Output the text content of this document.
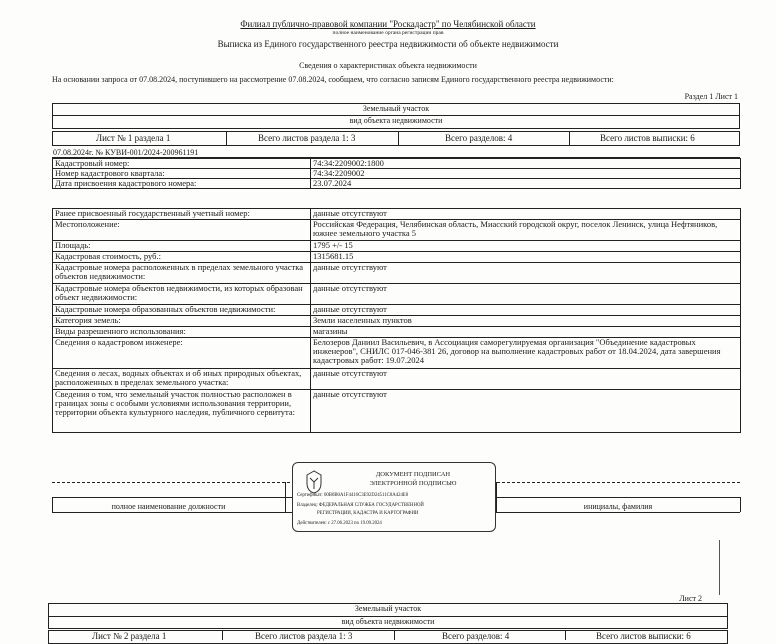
Филиал публично-правовой компании "Роскадастр" по Челябинской области
полное наименование органа регистрации прав
Выписка из Единого государственного реестра недвижимости об объекте недвижимости
Сведения о характеристиках объекта недвижимости
На основании запроса от 07.08.2024, поступившего на рассмотрение 07.08.2024, сообщаем, что согласно записям Единого государственного реестра недвижимости:
Раздел 1 Лист 1
Земельный участок
вид объекта недвижимости
Лист № 1 раздела 1	Всего листов раздела 1: 3	Всего разделов: 4	Всего листов выписки: 6
07.08.2024г. № КУВИ-001/2024-200961191
Кадастровый номер:	74:34:2209002:1800
Номер кадастрового квартала:	74:34:2209002
Дата присвоения кадастрового номера:	23.07.2024
Ранее присвоенный государственный учетный номер:	данные отсутствуют
Местоположение:	Российская Федерация, Челябинская область, Миасский городской округ, поселок Ленинск, улица Нефтяников, южнее земельного участка 5
Площадь:	1795 +/- 15
Кадастровая стоимость, руб.:	1315681.15
Кадастровые номера расположенных в пределах земельного участка объектов недвижимости:	данные отсутствуют
Кадастровые номера объектов недвижимости, из которых образован объект недвижимости:	данные отсутствуют
Кадастровые номера образованных объектов недвижимости:	данные отсутствуют
Категория земель:	Земли населенных пунктов
Виды разрешенного использования:	магазины
Сведения о кадастровом инженере:	Белозеров Даниил Васильевич, в Ассоциация саморегулируемая организация "Объединение кадастровых инженеров", СНИЛС 017-046-381 26, договор на выполнение кадастровых работ от 18.04.2024, дата завершения кадастровых работ: 19.07.2024
Сведения о лесах, водных объектах и об иных природных объектах, расположенных в пределах земельного участка:	данные отсутствуют
Сведения о том, что земельный участок полностью расположен в границах зоны с особыми условиями использования территории, территории объекта культурного наследия, публичного сервитута:	данные отсутствуют
полное наименование должности	инициалы, фамилия
ДОКУМЕНТ ПОДПИСАН
ЭЛЕКТРОННОЙ ПОДПИСЬЮ
Сертификат: 00B0B0A1F4416C3E92D24511C8A424E8
Владелец: ФЕДЕРАЛЬНАЯ СЛУЖБА ГОСУДАРСТВЕННОЙ
РЕГИСТРАЦИИ, КАДАСТРА И КАРТОГРАФИИ
Действителен: с 27.06.2023 по 19.09.2024
Лист 2
Земельный участок
вид объекта недвижимости
Лист № 2 раздела 1	Всего листов раздела 1: 3	Всего разделов: 4	Всего листов выписки: 6
